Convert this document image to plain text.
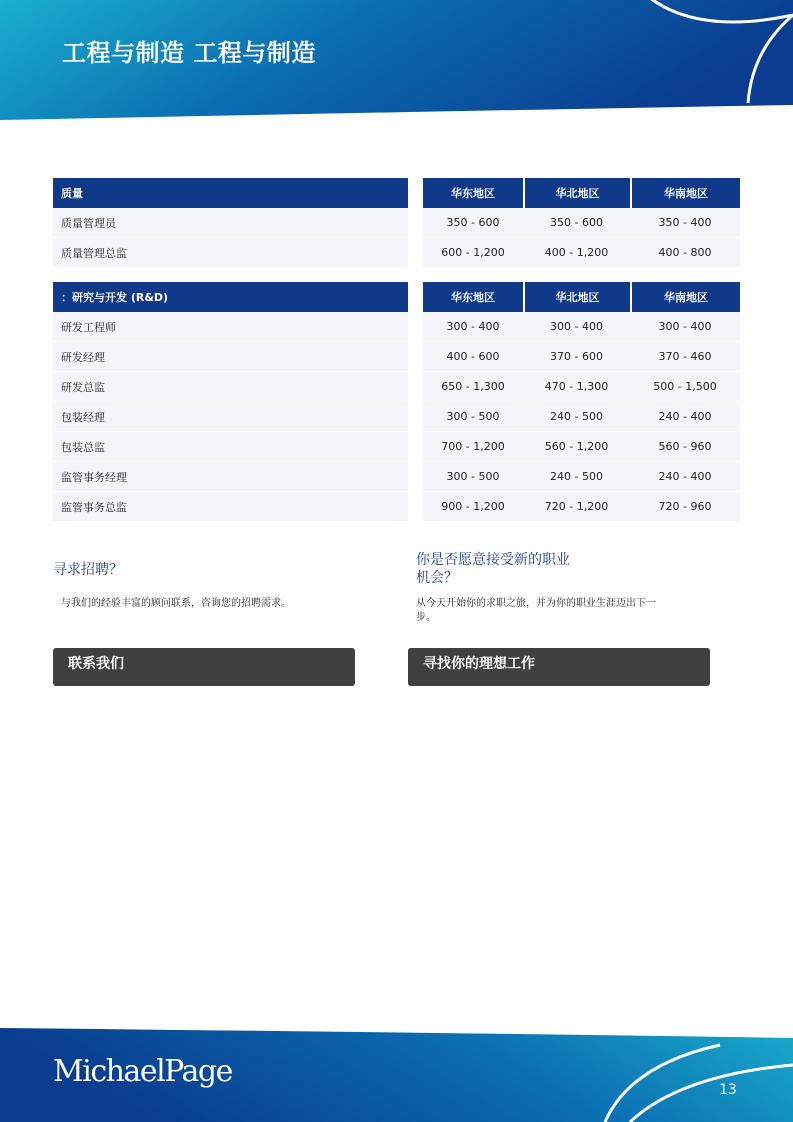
工程与制造 工程与制造
质量	华东地区	华北地区	华南地区
质量管理员	350 - 600	350 - 600	350 - 400
质量管理总监	600 - 1,200	400 - 1,200	400 - 800
：研究与开发 (R&D)	华东地区	华北地区	华南地区
研发工程师	300 - 400	300 - 400	300 - 400
研发经理	400 - 600	370 - 600	370 - 460
研发总监	650 - 1,300	470 - 1,300	500 - 1,500
包装经理	300 - 500	240 - 500	240 - 400
包装总监	700 - 1,200	560 - 1,200	560 - 960
监管事务经理	300 - 500	240 - 500	240 - 400
监管事务总监	900 - 1,200	720 - 1,200	720 - 960
寻求招聘？
与我们的经验丰富的顾问联系，咨询您的招聘需求。
联系我们
你是否愿意接受新的职业
机会？
从今天开始你的求职之旅，并为你的职业生涯迈出下一
步。
寻找你的理想工作
MichaelPage
13
